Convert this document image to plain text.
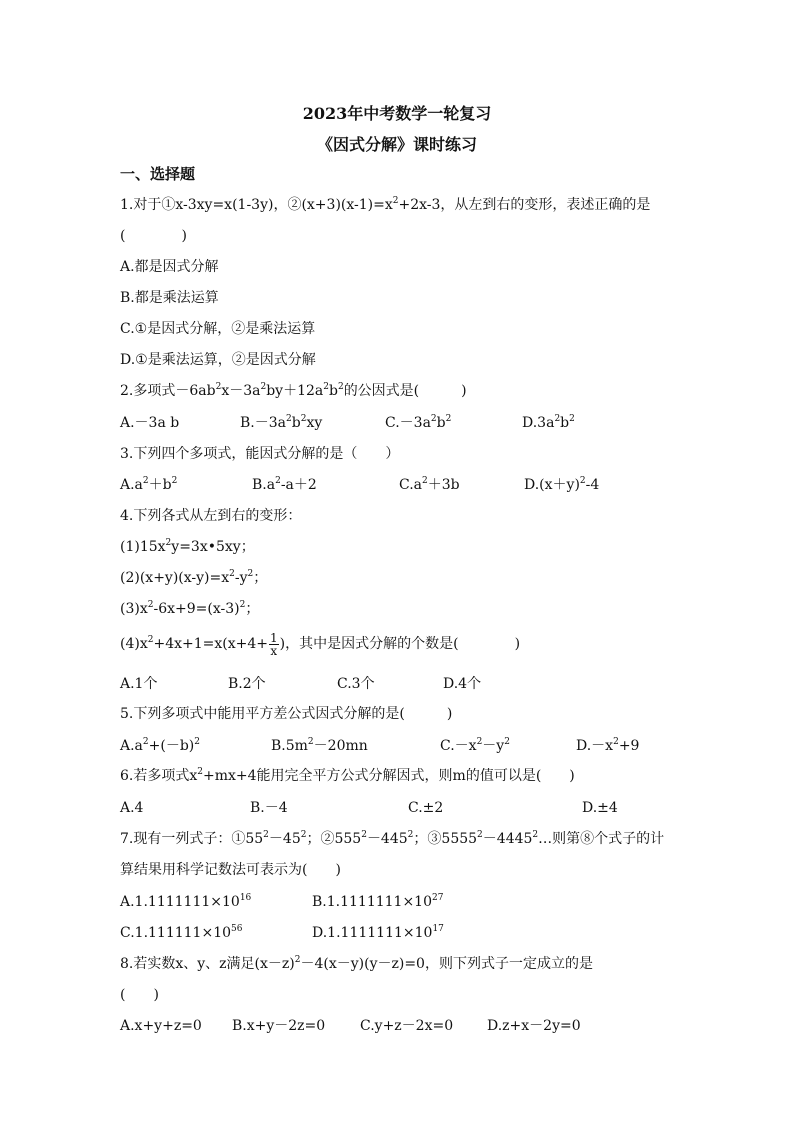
2023年中考数学一轮复习
《因式分解》课时练习
一、选择题
1.对于①x-3xy=x(1-3y)，$②(x+3)(x-1)=x^2+2x-3$，从左到右的变形，表述正确的是
(　　　　)
A.都是因式分解
B.都是乘法运算
C.①是因式分解，②是乘法运算
D.①是乘法运算，②是因式分解
2.多项式$-6ab^2x-3a^2by+12a^2b^2$的公因式是(　　　)
A.－3a b	$B.-3a^2b^2xy$	$C.-3a^2b^2$	$D.3a^2b^2$
3.下列四个多项式，能因式分解的是（　　）
$A.a^2+b^2$	$B.a^2-a+2$	$C.a^2+3b$	$D.(x+y)^2-4$
4.下列各式从左到右的变形：
$(1)15x^2y=3x•5xy$；
$(2)(x+y)(x-y)=x^2-y^2$；
$(3)x^2-6x+9=(x-3)^2$；
$(4)x^2+4x+1=x(x+4+ \frac{1}{x}$ )，其中是因式分解的个数是(　　　　)
A.1个	B.2个	C.3个	D.4个
5.下列多项式中能用平方差公式因式分解的是(　　　)
$A.a^2+(-b)^2$	$B.5m^2-20mn$	$C.-x^2-y^2$	$D.-x^2+9$
6.若多项式$x^2+mx+4$能用完全平方公式分解因式，则m的值可以是(　　)
A.4	B.－4	C.±2	D.±4
7.现有一列式子：$①55^2-45^2$；$②555^2-445^2$；$③5555^2-4445^2\dots$则第⑧个式子的计
算结果用科学记数法可表示为(　　)
$A.1.1111111\times 10^{16}$	$B.1.1111111\times 10^{27}$
$C.1.111111\times 10^{56}$	$D.1.1111111\times 10^{17}$
8.若实数x、y、z满足$(x-z)^2-4(x-y)(y-z)=0$，则下列式子一定成立的是
(　　)
A.x+y+z=0 B.x+y－2z=0 C.y+z－2x=0 D.z+x－2y=0
